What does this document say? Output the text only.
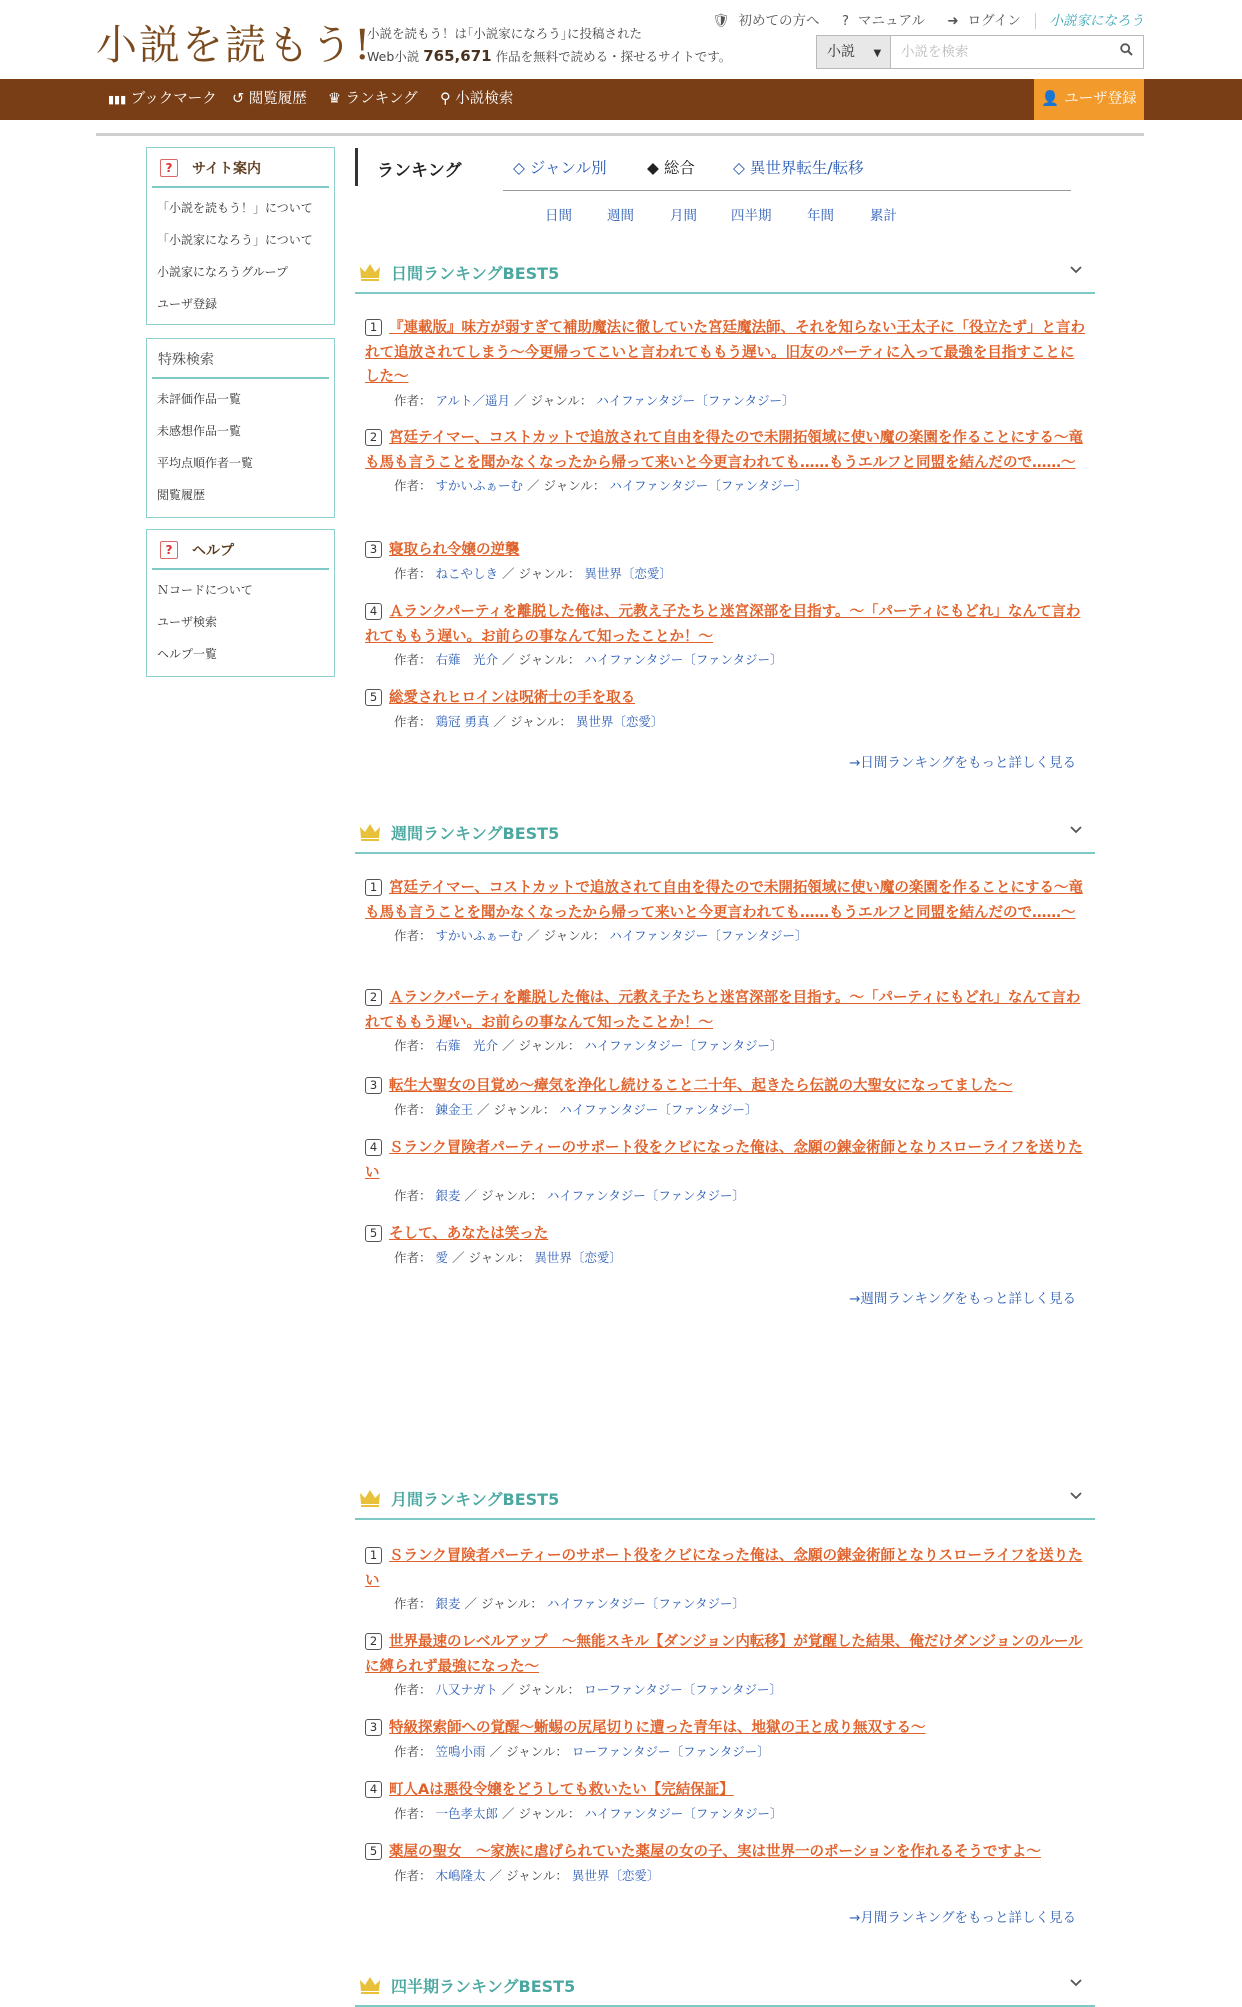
小説を読もう!
小説を読もう！は｢小説家になろう｣に投稿された
Web小説 765,671 作品を無料で読める・探せるサイトです。
🛡 初めての方へ ? マニュアル ➜ ログイン 小説家になろう
小説 ▼	小説を検索
▮▮▮ ブックマーク ↺ 閲覧履歴 ♛ ランキング ⚲ 小説検索	👤 ユーザ登録
?	サイト案内
「小説を読もう！」について
「小説家になろう」について
小説家になろうグループ
ユーザ登録
特殊検索
未評価作品一覧
未感想作品一覧
平均点順作者一覧
閲覧履歴
?	ヘルプ
Ｎコードについて
ユーザ検索
ヘルプ一覧
ランキング	◇ ジャンル別	◆ 総合 ◇ 異世界転生/転移
日間	週間	月間	四半期	年間	累計
日間ランキングBEST5
1 『連載版』味方が弱すぎて補助魔法に徹していた宮廷魔法師、それを知らない王太子に「役立たず」と言われて追放されてしまう〜今更帰ってこいと言われてももう遅い。旧友のパーティに入って最強を目指すことにした〜
作者： アルト／遥月 ／ ジャンル： ハイファンタジー〔ファンタジー〕
2 宮廷テイマー、コストカットで追放されて自由を得たので未開拓領域に使い魔の楽園を作ることにする〜竜も馬も言うことを聞かなくなったから帰って来いと今更言われても……もうエルフと同盟を結んだので……〜
作者： すかいふぁーむ ／ ジャンル： ハイファンタジー〔ファンタジー〕
3 寝取られ令嬢の逆襲
作者： ねこやしき ／ ジャンル： 異世界〔恋愛〕
4 Ａランクパーティを離脱した俺は、元教え子たちと迷宮深部を目指す。～「パーティにもどれ」なんて言われてももう遅い。お前らの事なんて知ったことか！～
作者： 右薙　光介 ／ ジャンル： ハイファンタジー〔ファンタジー〕
5 総愛されヒロインは呪術士の手を取る
作者： 鶏冠 勇真 ／ ジャンル： 異世界〔恋愛〕
→日間ランキングをもっと詳しく見る
週間ランキングBEST5
1 宮廷テイマー、コストカットで追放されて自由を得たので未開拓領域に使い魔の楽園を作ることにする〜竜も馬も言うことを聞かなくなったから帰って来いと今更言われても……もうエルフと同盟を結んだので……〜
作者： すかいふぁーむ ／ ジャンル： ハイファンタジー〔ファンタジー〕
2 Ａランクパーティを離脱した俺は、元教え子たちと迷宮深部を目指す。～「パーティにもどれ」なんて言われてももう遅い。お前らの事なんて知ったことか！～
作者： 右薙　光介 ／ ジャンル： ハイファンタジー〔ファンタジー〕
3 転生大聖女の目覚め～瘴気を浄化し続けること二十年、起きたら伝説の大聖女になってました～
作者： 錬金王 ／ ジャンル： ハイファンタジー〔ファンタジー〕
4 Ｓランク冒険者パーティーのサポート役をクビになった俺は、念願の錬金術師となりスローライフを送りたい
作者： 銀麦 ／ ジャンル： ハイファンタジー〔ファンタジー〕
5 そして、あなたは笑った
作者： 愛 ／ ジャンル： 異世界〔恋愛〕
→週間ランキングをもっと詳しく見る
月間ランキングBEST5
1 Ｓランク冒険者パーティーのサポート役をクビになった俺は、念願の錬金術師となりスローライフを送りたい
作者： 銀麦 ／ ジャンル： ハイファンタジー〔ファンタジー〕
2 世界最速のレベルアップ　～無能スキル【ダンジョン内転移】が覚醒した結果、俺だけダンジョンのルールに縛られず最強になった～
作者： 八又ナガト ／ ジャンル： ローファンタジー〔ファンタジー〕
3 特級探索師への覚醒～蜥蜴の尻尾切りに遭った青年は、地獄の王と成り無双する～
作者： 笠鳴小雨 ／ ジャンル： ローファンタジー〔ファンタジー〕
4 町人Aは悪役令嬢をどうしても救いたい【完結保証】
作者： 一色孝太郎 ／ ジャンル： ハイファンタジー〔ファンタジー〕
5 薬屋の聖女　～家族に虐げられていた薬屋の女の子、実は世界一のポーションを作れるそうですよ～
作者： 木嶋隆太 ／ ジャンル： 異世界〔恋愛〕
→月間ランキングをもっと詳しく見る
四半期ランキングBEST5
